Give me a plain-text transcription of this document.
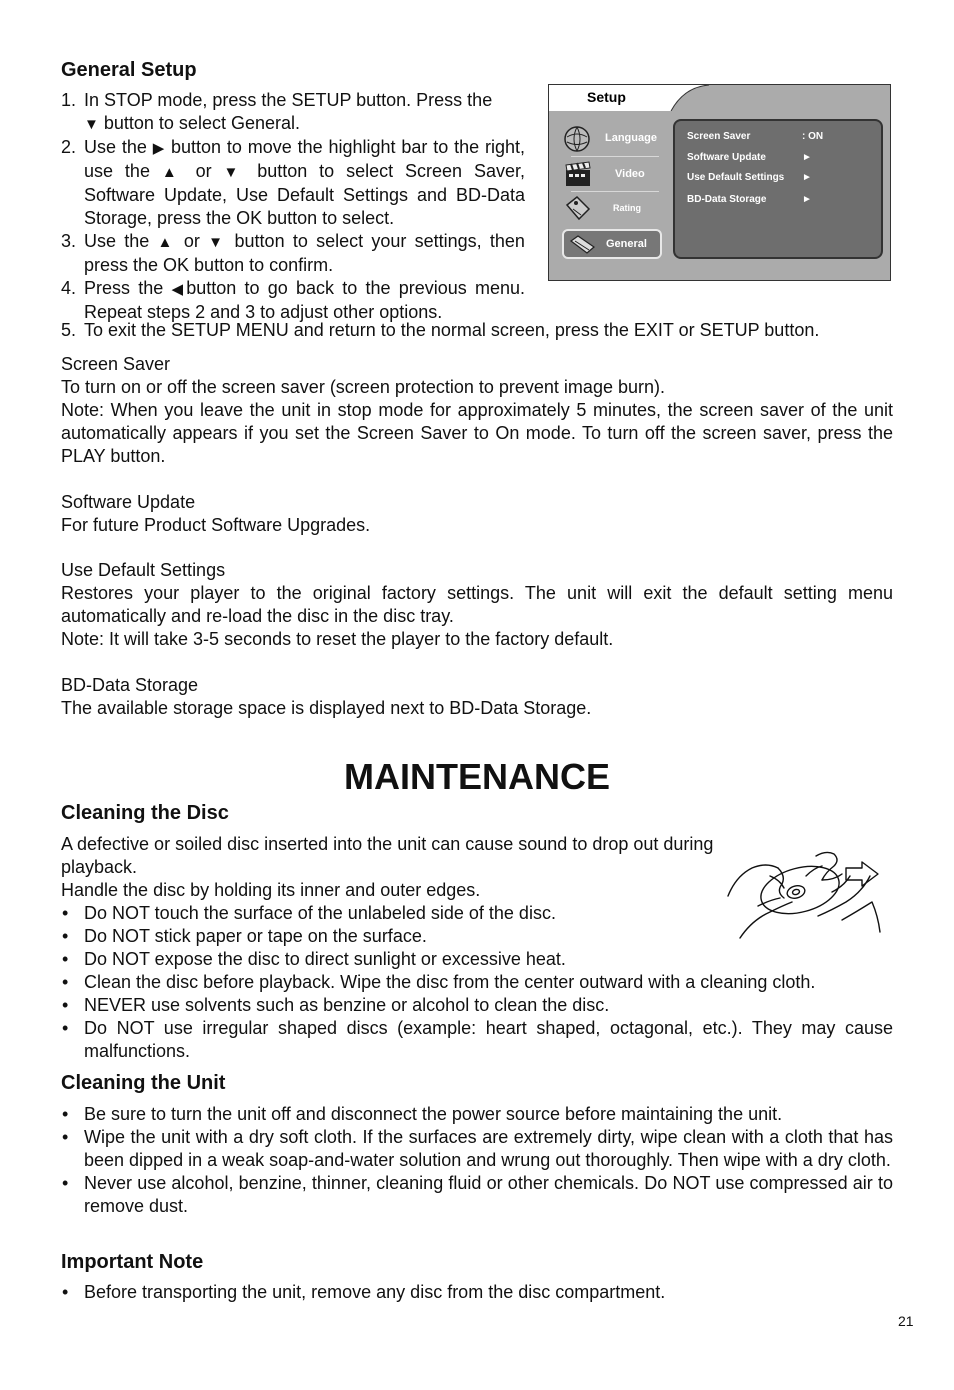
General Setup
1. In STOP mode, press the SETUP button. Press the
▼ button to select General.
2. Use the ▶ button to move the highlight bar to the right, use the ▲ or ▼ button to select Screen Saver, Software Update, Use Default Settings and BD-Data Storage, press the OK button to select.
3. Use the ▲ or ▼ button to select your settings, then press the OK button to confirm.
4. Press the ◀button to go back to the previous menu. Repeat steps 2 and 3 to adjust other options.
5. To exit the SETUP MENU and return to the normal screen, press the EXIT or SETUP button.
Setup
Language
Video
Rating
General
Screen Saver	: ON
Software Update	►
Use Default Settings ►
BD-Data Storage	►

Screen Saver

To turn on or off the screen saver (screen protection to prevent image burn).

Note: When you leave the unit in stop mode for approximately 5 minutes, the screen saver of the unit automatically appears if you set the Screen Saver to On mode. To turn off the screen saver, press the PLAY button.

Software Update

For future Product Software Upgrades.

Use Default Settings

Restores your player to the original factory settings. The unit will exit the default setting menu automatically and re-load the disc in the disc tray.

Note: It will take 3-5 seconds to reset the player to the factory default.

BD-Data Storage

The available storage space is displayed next to BD-Data Storage.

MAINTENANCE
Cleaning the Disc

A defective or soiled disc inserted into the unit can cause sound to drop out during playback.

Handle the disc by holding its inner and outer edges.

• Do NOT touch the surface of the unlabeled side of the disc.
• Do NOT stick paper or tape on the surface.
• Do NOT expose the disc to direct sunlight or excessive heat.
• Clean the disc before playback. Wipe the disc from the center outward with a cleaning cloth.
• NEVER use solvents such as benzine or alcohol to clean the disc.
• Do NOT use irregular shaped discs (example: heart shaped, octagonal, etc.). They may cause malfunctions.
Cleaning the Unit
• Be sure to turn the unit off and disconnect the power source before maintaining the unit.
• Wipe the unit with a dry soft cloth. If the surfaces are extremely dirty, wipe clean with a cloth that has been dipped in a weak soap-and-water solution and wrung out thoroughly. Then wipe with a dry cloth.
• Never use alcohol, benzine, thinner, cleaning fluid or other chemicals. Do NOT use compressed air to remove dust.
Important Note
• Before transporting the unit, remove any disc from the disc compartment.
21
